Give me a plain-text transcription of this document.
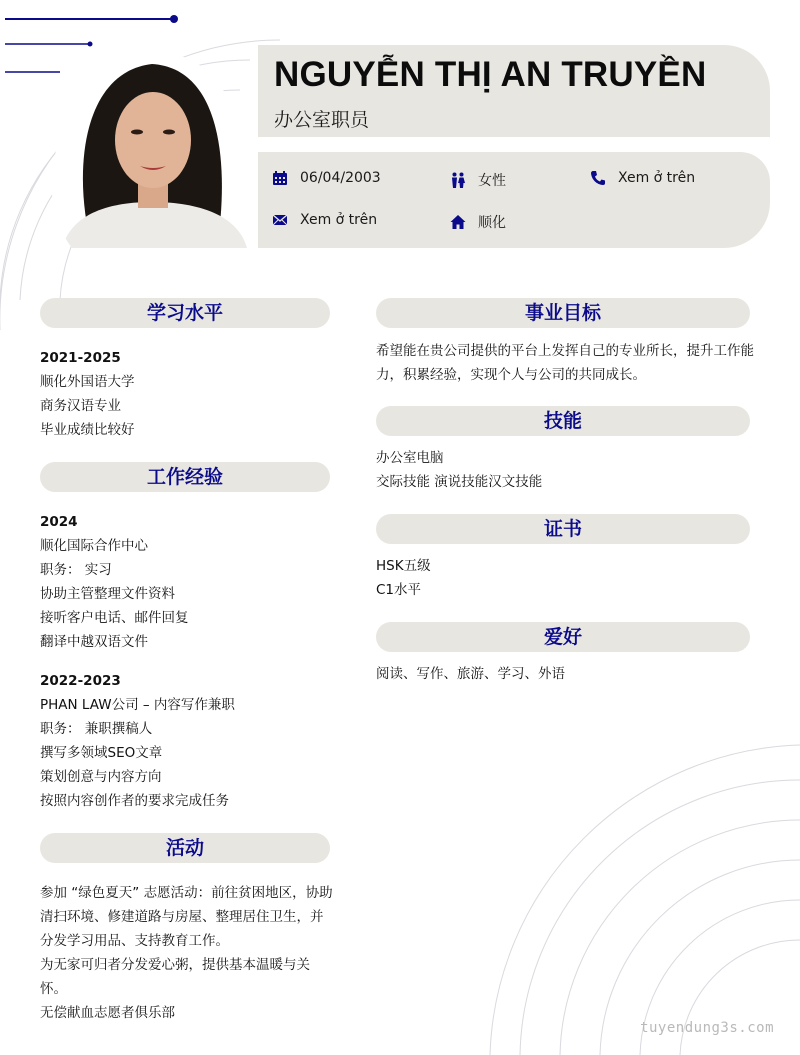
NGUYỄN THỊ AN TRUYỀN
办公室职员
06/04/2003	女性	Xem ở trên
Xem ở trên	顺化
学习水平
2021-2025
顺化外国语大学
商务汉语专业
毕业成绩比较好
工作经验
2024
顺化国际合作中心
职务： 实习
协助主管整理文件资料
接听客户电话、邮件回复
翻译中越双语文件
2022-2023
PHAN LAW公司 – 内容写作兼职
职务： 兼职撰稿人
撰写多领域SEO文章
策划创意与内容方向
按照内容创作者的要求完成任务
活动
参加 “绿色夏天” 志愿活动：前往贫困地区，协助清扫环境、修建道路与房屋、整理居住卫生，并分发学习用品、支持教育工作。
为无家可归者分发爱心粥，提供基本温暖与关怀。
无偿献血志愿者俱乐部
事业目标
希望能在贵公司提供的平台上发挥自己的专业所长，提升工作能力，积累经验，实现个人与公司的共同成长。
技能
办公室电脑
交际技能 演说技能汉文技能
证书
HSK五级
C1水平
爱好
阅读、写作、旅游、学习、外语
tuyendung3s.com
